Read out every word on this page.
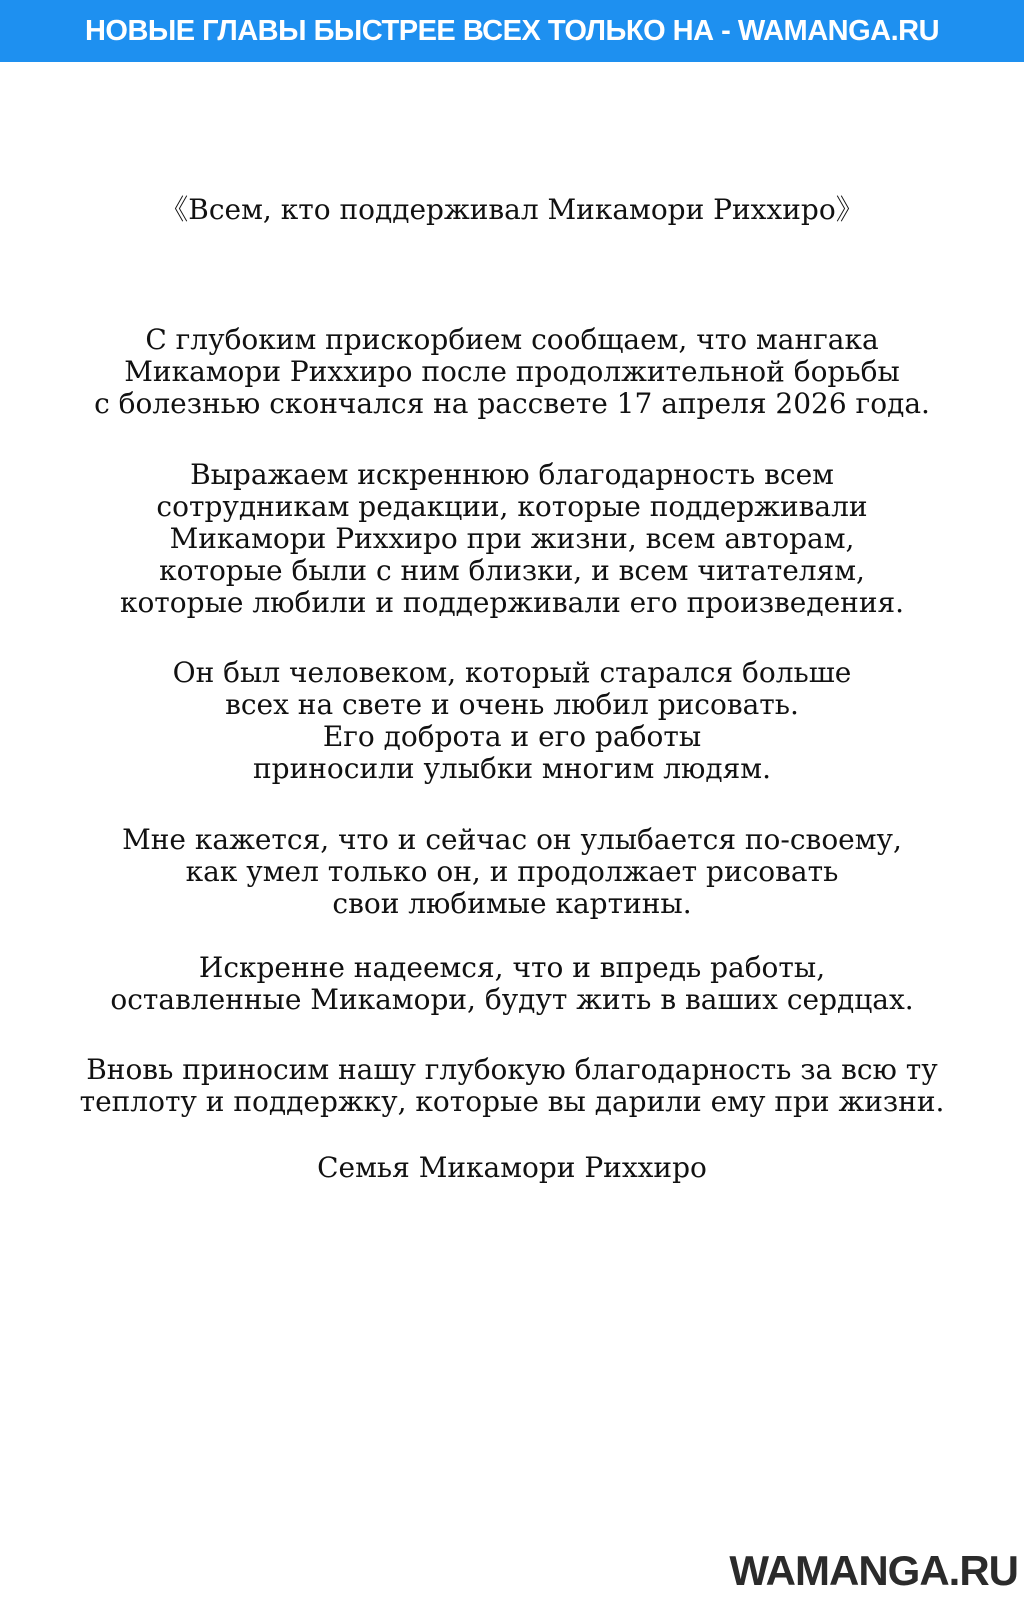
НОВЫЕ ГЛАВЫ БЫСТРЕЕ ВСЕХ ТОЛЬКО НА - WAMANGA.RU
《Всем, кто поддерживал Микамори Риххиро》
С глубоким прискорбием сообщаем, что мангака
Микамори Риххиро после продолжительной борьбы
с болезнью скончался на рассвете 17 апреля 2026 года.
Выражаем искреннюю благодарность всем
сотрудникам редакции, которые поддерживали
Микамори Риххиро при жизни, всем авторам,
которые были с ним близки, и всем читателям,
которые любили и поддерживали его произведения.
Он был человеком, который старался больше
всех на свете и очень любил рисовать.
Его доброта и его работы
приносили улыбки многим людям.
Мне кажется, что и сейчас он улыбается по-своему,
как умел только он, и продолжает рисовать
свои любимые картины.
Искренне надеемся, что и впредь работы,
оставленные Микамори, будут жить в ваших сердцах.
Вновь приносим нашу глубокую благодарность за всю ту
теплоту и поддержку, которые вы дарили ему при жизни.
Семья Микамори Риххиро
WAMANGA.RU
